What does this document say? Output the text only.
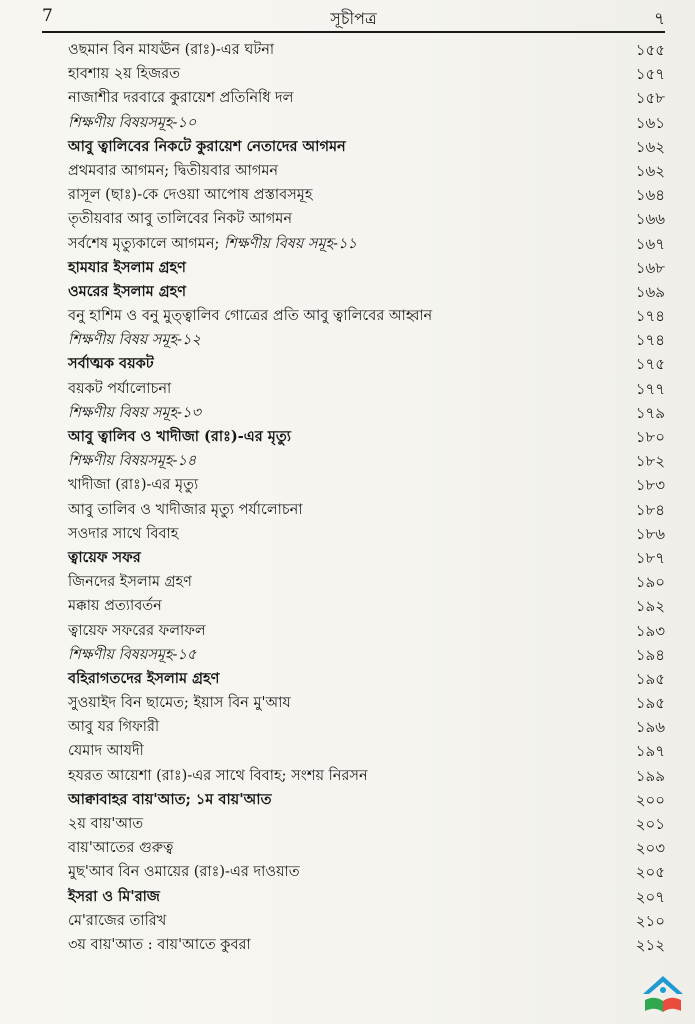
7	সূচীপত্র	৭
ওছমান বিন মাযঊন (রাঃ)-এর ঘটনা	১৫৫
হাবশায় ২য় হিজরত	১৫৭
নাজাশীর দরবারে কুরায়েশ প্রতিনিধি দল	১৫৮
শিক্ষণীয় বিষয়সমূহ-১০	১৬১
আবু ত্বালিবের নিকটে কুরায়েশ নেতাদের আগমন	১৬২
প্রথমবার আগমন; দ্বিতীয়বার আগমন	১৬২
রাসূল (ছাঃ)-কে দেওয়া আপোষ প্রস্তাবসমূহ	১৬৪
তৃতীয়বার আবু তালিবের নিকট আগমন	১৬৬
সর্বশেষ মৃত্যুকালে আগমন; শিক্ষণীয় বিষয় সমূহ-১১	১৬৭
হামযার ইসলাম গ্রহণ	১৬৮
ওমরের ইসলাম গ্রহণ	১৬৯
বনু হাশিম ও বনু মুত্ত্বালিব গোত্রের প্রতি আবু ত্বালিবের আহ্বান	১৭৪
শিক্ষণীয় বিষয় সমূহ-১২	১৭৪
সর্বাত্মক বয়কট	১৭৫
বয়কট পর্যালোচনা	১৭৭
শিক্ষণীয় বিষয় সমূহ-১৩	১৭৯
আবু ত্বালিব ও খাদীজা (রাঃ)-এর মৃত্যু	১৮০
শিক্ষণীয় বিষয়সমূহ-১৪	১৮২
খাদীজা (রাঃ)-এর মৃত্যু	১৮৩
আবু তালিব ও খাদীজার মৃত্যু পর্যালোচনা	১৮৪
সওদার সাথে বিবাহ	১৮৬
ত্বায়েফ সফর	১৮৭
জিনদের ইসলাম গ্রহণ	১৯০
মক্কায় প্রত্যাবর্তন	১৯২
ত্বায়েফ সফরের ফলাফল	১৯৩
শিক্ষণীয় বিষয়সমূহ-১৫	১৯৪
বহিরাগতদের ইসলাম গ্রহণ	১৯৫
সুওয়াইদ বিন ছামেত; ইয়াস বিন মু'আয	১৯৫
আবু যর গিফারী	১৯৬
যেমাদ আযদী	১৯৭
হযরত আয়েশা (রাঃ)-এর সাথে বিবাহ; সংশয় নিরসন	১৯৯
আক্বাবাহর বায়'আত; ১ম বায়'আত	২০০
২য় বায়'আত	২০১
বায়'আতের গুরুত্ব	২০৩
মুছ'আব বিন ওমায়ের (রাঃ)-এর দাওয়াত	২০৫
ইসরা ও মি'রাজ	২০৭
মে'রাজের তারিখ	২১০
৩য় বায়'আত : বায়'আতে কুবরা	২১২
